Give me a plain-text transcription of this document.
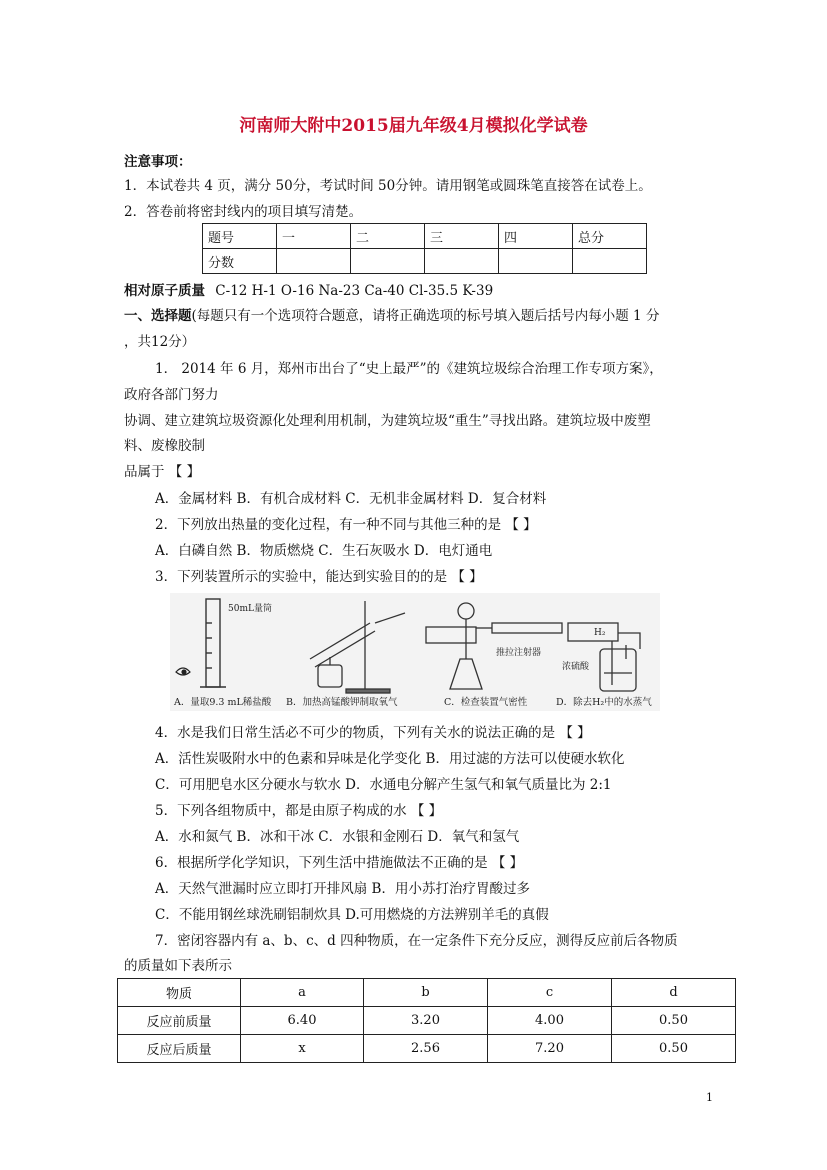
河南师大附中2015届九年级4月模拟化学试卷
注意事项：
1．本试卷共 4 页，满分 50分，考试时间 50分钟。请用钢笔或圆珠笔直接答在试卷上。
2．答卷前将密封线内的项目填写清楚。
题号	一	二	三	四	总分
分数					
相对原子质量 C-12 H-1 O-16 Na-23 Ca-40 Cl-35.5 K-39
一、选择题(每题只有一个选项符合题意，请将正确选项的标号填入题后括号内每小题 1 分
，共12分）
1． 2014 年 6 月，郑州市出台了“史上最严”的《建筑垃圾综合治理工作专项方案》，
政府各部门努力
协调、建立建筑垃圾资源化处理利用机制，为建筑垃圾“重生”寻找出路。建筑垃圾中废塑
料、废橡胶制
品属于 【 】
A．金属材料 B．有机合成材料 C．无机非金属材料 D．复合材料
2．下列放出热量的变化过程，有一种不同与其他三种的是 【 】
A．白磷自然 B．物质燃烧 C．生石灰吸水 D．电灯通电
3．下列装置所示的实验中，能达到实验目的的是 【 】
50mL量筒
推拉注射器
H₂
浓硫酸
A．量取9.3 mL稀盐酸 B．加热高锰酸钾制取氧气	C．检查装置气密性	D．除去H₂中的水蒸气
4．水是我们日常生活必不可少的物质，下列有关水的说法正确的是 【 】
A．活性炭吸附水中的色素和异味是化学变化 B．用过滤的方法可以使硬水软化
C．可用肥皂水区分硬水与软水 D．水通电分解产生氢气和氧气质量比为 2:1
5．下列各组物质中，都是由原子构成的水 【 】
A．水和氮气 B．冰和干冰 C．水银和金刚石 D．氧气和氢气
6．根据所学化学知识，下列生活中措施做法不正确的是 【 】
A．天然气泄漏时应立即打开排风扇 B．用小苏打治疗胃酸过多
C．不能用钢丝球洗刷铝制炊具 D.可用燃烧的方法辨别羊毛的真假
7．密闭容器内有 a、b、c、d 四种物质，在一定条件下充分反应，测得反应前后各物质
的质量如下表所示
物质	a	b	c	d
反应前质量	6.40	3.20	4.00	0.50
反应后质量	x	2.56	7.20	0.50
1
